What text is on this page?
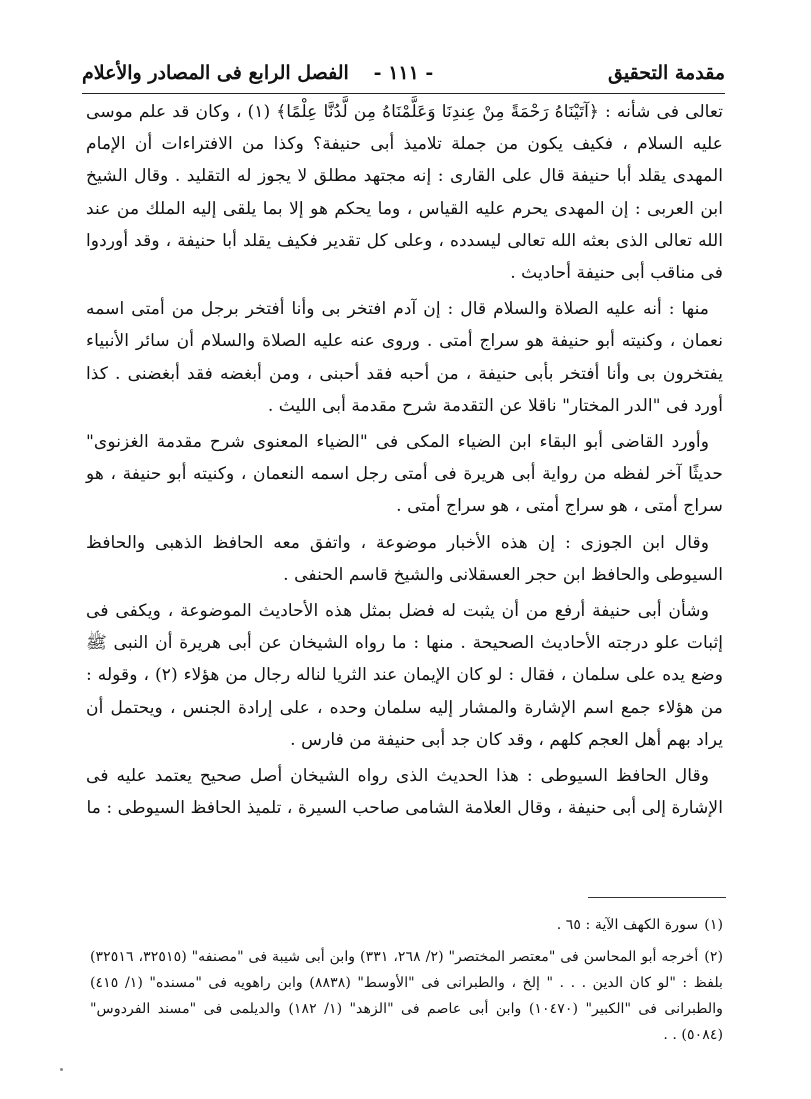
مقدمة التحقيق
- ١١١ -
الفصل الرابع فى المصادر والأعلام

تعالى فى شأنه : ﴿آتَيْنَاهُ رَحْمَةً مِنْ عِندِنَا وَعَلَّمْنَاهُ مِن لَّدُنَّا عِلْمًا﴾ (١) ، وكان قد علم موسى عليه السلام ، فكيف يكون من جملة تلاميذ أبى حنيفة؟ وكذا من الافتراءات أن الإمام المهدى يقلد أبا حنيفة قال على القارى : إنه مجتهد مطلق لا يجوز له التقليد . وقال الشيخ ابن العربى : إن المهدى يحرم عليه القياس ، وما يحكم هو إلا بما يلقى إليه الملك من عند الله تعالى الذى بعثه الله تعالى ليسدده ، وعلى كل تقدير فكيف يقلد أبا حنيفة ، وقد أوردوا فى مناقب أبى حنيفة أحاديث .

منها : أنه عليه الصلاة والسلام قال : إن آدم افتخر بى وأنا أفتخر برجل من أمتى اسمه نعمان ، وكنيته أبو حنيفة هو سراج أمتى . وروى عنه عليه الصلاة والسلام أن سائر الأنبياء يفتخرون بى وأنا أفتخر بأبى حنيفة ، من أحبه فقد أحبنى ، ومن أبغضه فقد أبغضنى . كذا أورد فى "الدر المختار" ناقلا عن التقدمة شرح مقدمة أبى الليث .

وأورد القاضى أبو البقاء ابن الضياء المكى فى "الضياء المعنوى شرح مقدمة الغزنوى" حديثًا آخر لفظه من رواية أبى هريرة فى أمتى رجل اسمه النعمان ، وكنيته أبو حنيفة ، هو سراج أمتى ، هو سراج أمتى ، هو سراج أمتى .

وقال ابن الجوزى : إن هذه الأخبار موضوعة ، واتفق معه الحافظ الذهبى والحافظ السيوطى والحافظ ابن حجر العسقلانى والشيخ قاسم الحنفى .

وشأن أبى حنيفة أرفع من أن يثبت له فضل بمثل هذه الأحاديث الموضوعة ، ويكفى فى إثبات علو درجته الأحاديث الصحيحة . منها : ما رواه الشيخان عن أبى هريرة أن النبى ﷺ وضع يده على سلمان ، فقال : لو كان الإيمان عند الثريا لناله رجال من هؤلاء (٢) ، وقوله : من هؤلاء جمع اسم الإشارة والمشار إليه سلمان وحده ، على إرادة الجنس ، ويحتمل أن يراد بهم أهل العجم كلهم ، وقد كان جد أبى حنيفة من فارس .

وقال الحافظ السيوطى : هذا الحديث الذى رواه الشيخان أصل صحيح يعتمد عليه فى الإشارة إلى أبى حنيفة ، وقال العلامة الشامى صاحب السيرة ، تلميذ الحافظ السيوطى : ما

(١)سورة الكهف الآية : ٦٥ .

(٢)أخرجه أبو المحاسن فى "معتصر المختصر" (٢/ ٢٦٨، ٣٣١) وابن أبى شيبة فى "مصنفه" (٣٢٥١٥، ٣٢٥١٦) بلفظ : "لو كان الدين . . . " إلخ ، والطبرانى فى "الأوسط" (٨٨٣٨) وابن راهويه فى "مسنده" (١/ ٤١٥) والطبرانى فى "الكبير" (١٠٤٧٠) وابن أبى عاصم فى "الزهد" (١/ ١٨٢) والديلمى فى "مسند الفردوس" (٥٠٨٤) . .
